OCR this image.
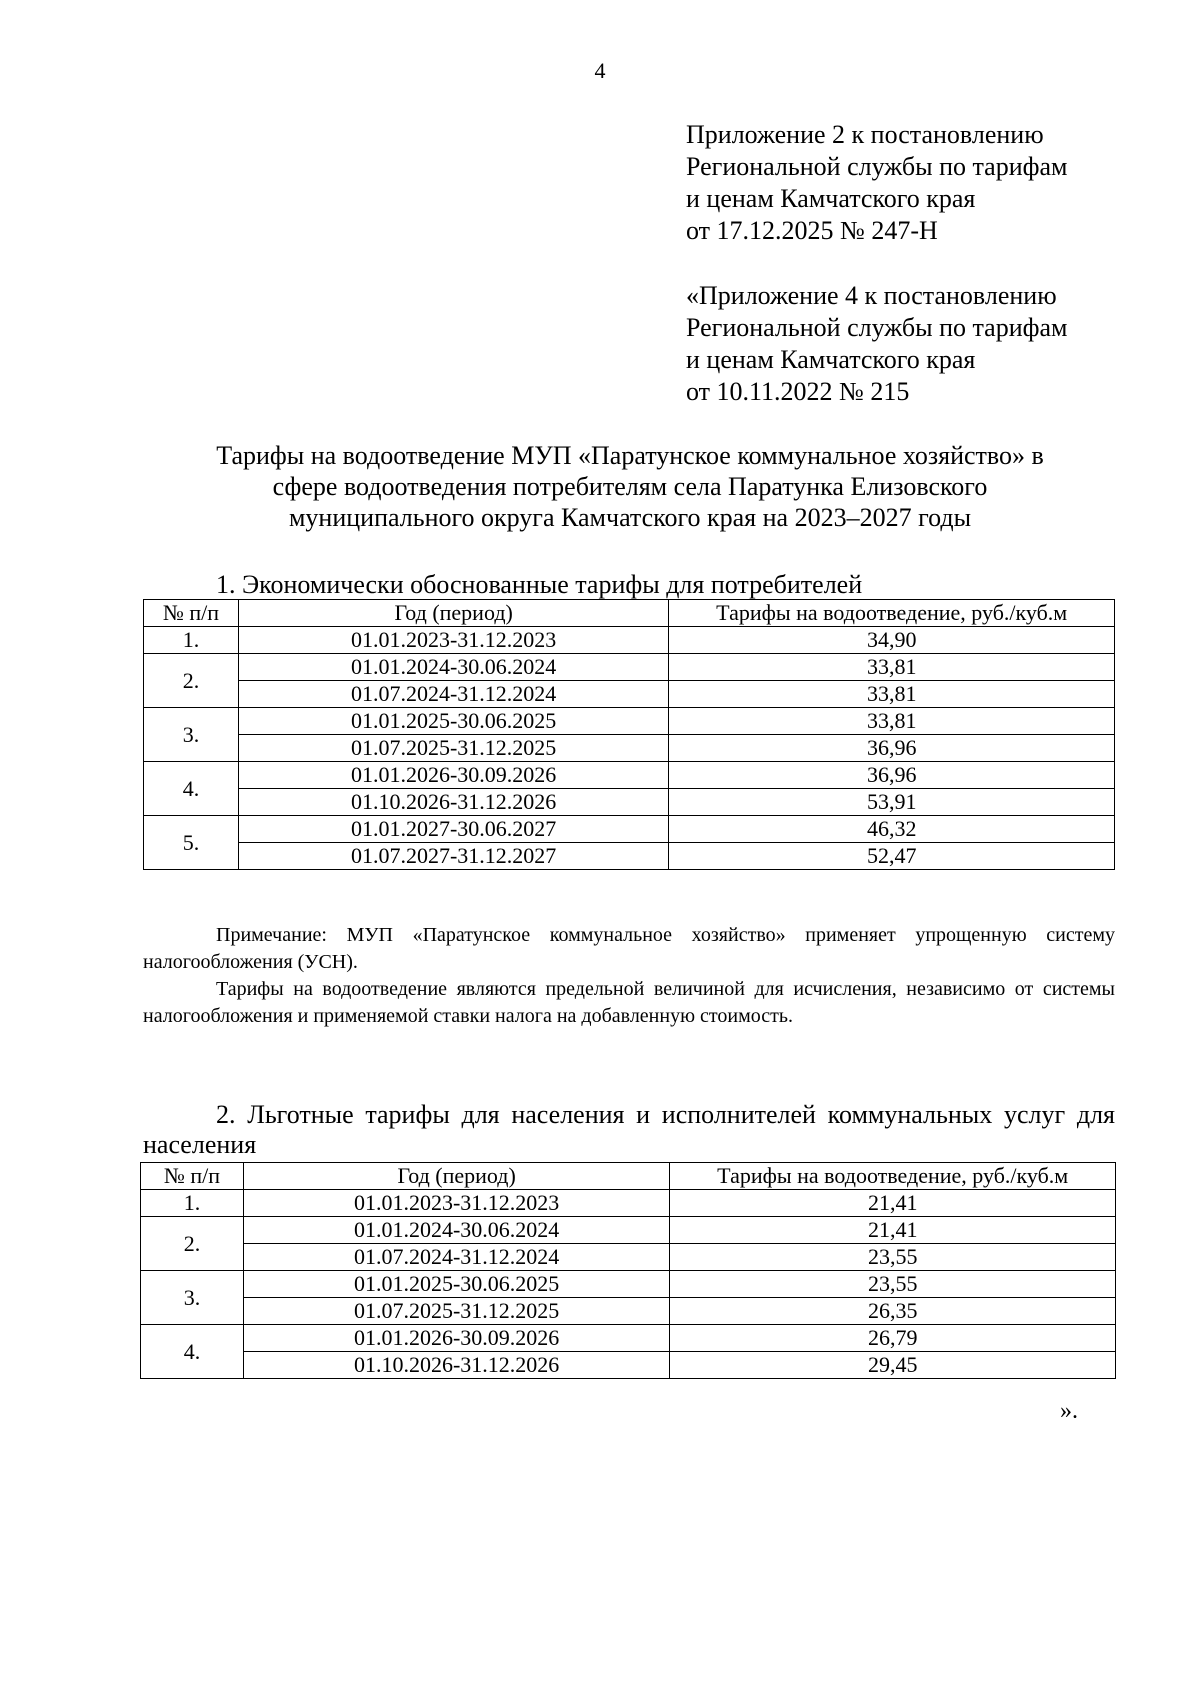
4
Приложение 2 к постановлению
Региональной службы по тарифам
и ценам Камчатского края
от 17.12.2025 № 247-Н
«Приложение 4 к постановлению
Региональной службы по тарифам
и ценам Камчатского края
от 10.11.2022 № 215
Тарифы на водоотведение МУП «Паратунское коммунальное хозяйство» в
сфере водоотведения потребителям села Паратунка Елизовского
муниципального округа Камчатского края на 2023–2027 годы
1. Экономически обоснованные тарифы для потребителей
№ п/п	Год (период)	Тарифы на водоотведение, руб./куб.м
1.	01.01.2023-31.12.2023	34,90
2.	01.01.2024-30.06.2024	33,81
	01.07.2024-31.12.2024	33,81
3.	01.01.2025-30.06.2025	33,81
	01.07.2025-31.12.2025	36,96
4.	01.01.2026-30.09.2026	36,96
	01.10.2026-31.12.2026	53,91
5.	01.01.2027-30.06.2027	46,32
	01.07.2027-31.12.2027	52,47

Примечание: МУП «Паратунское коммунальное хозяйство» применяет упрощенную систему налогообложения (УСН).

Тарифы на водоотведение являются предельной величиной для исчисления, независимо от системы налогообложения и применяемой ставки налога на добавленную стоимость.

2. Льготные тарифы для населения и исполнителей коммунальных услуг для населения
№ п/п	Год (период)	Тарифы на водоотведение, руб./куб.м
1.	01.01.2023-31.12.2023	21,41
2.	01.01.2024-30.06.2024	21,41
	01.07.2024-31.12.2024	23,55
3.	01.01.2025-30.06.2025	23,55
	01.07.2025-31.12.2025	26,35
4.	01.01.2026-30.09.2026	26,79
	01.10.2026-31.12.2026	29,45
».
